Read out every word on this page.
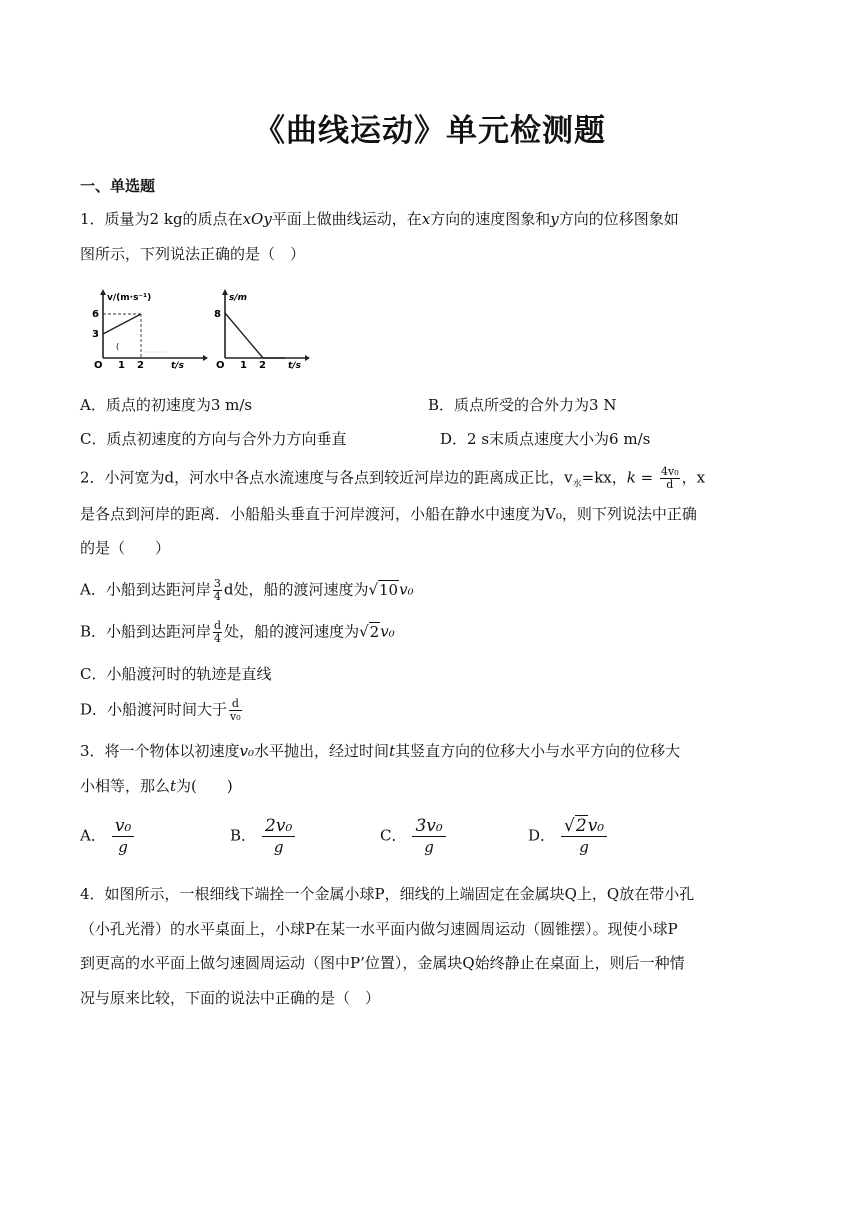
《曲线运动》单元检测题
一、单选题
1．质量为2 kg的质点在xOy平面上做曲线运动，在x方向的速度图象和y方向的位移图象如
图所示，下列说法正确的是（　）
v/(m·s⁻¹)
t/s
O 1 2
6
3
(
s/m
t/s
O 1 2
8
A．质点的初速度为3 m/s	B．质点所受的合外力为3 N
C．质点初速度的方向与合外力方向垂直	D．2 s末质点速度大小为6 m/s
2．小河宽为d，河水中各点水流速度与各点到较近河岸边的距离成正比，$v_水=kx$，$k = \frac{\text{4v₀}}{d}$ ，x
是各点到河岸的距离．小船船头垂直于河岸渡河，小船在静水中速度为V₀，则下列说法中正确
的是（　　）
A．小船到达距河岸 $\frac{3}{4}$ d处，船的渡河速度为√10v₀
B．小船到达距河岸 $\frac{d}{4}$ 处，船的渡河速度为√2v₀
C．小船渡河时的轨迹是直线
D．小船渡河时间大于 $\frac{d}{\text{v₀}}$
3．将一个物体以初速度v₀水平抛出，经过时间t其竖直方向的位移大小与水平方向的位移大
小相等，那么t为(　　)
A． $\frac{\text{v₀}}{g}$	B． $\frac{\text{2v₀}}{g}$	C． $\frac{\text{3v₀}}{g}$	D． $\frac{\text{√2v₀}}{g}$
4．如图所示，一根细线下端拴一个金属小球P，细线的上端固定在金属块Q上，Q放在带小孔
（小孔光滑）的水平桌面上，小球P在某一水平面内做匀速圆周运动（圆锥摆）。现使小球P
到更高的水平面上做匀速圆周运动（图中P’位置），金属块Q始终静止在桌面上，则后一种情
况与原来比较，下面的说法中正确的是（　）
